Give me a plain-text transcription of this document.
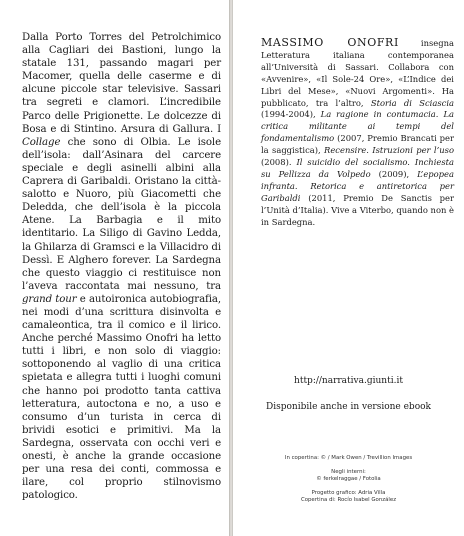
Dalla Porto Torres del Petrolchimico alla Cagliari dei Bastioni, lungo la statale 131, passando magari per Macomer, quella delle caserme e di alcune piccole star televisive. Sassari tra segreti e clamori. L’incredibile Parco delle Prigionette. Le dolcezze di Bosa e di Stintino. Arsura di Gallura. I Collage che sono di Olbia. Le isole dell’isola: dall’Asinara del carcere speciale e degli asinelli albini alla Caprera di Garibaldi. Oristano la città-salotto e Nuoro, più Giacometti che Deledda, che dell’isola è la piccola Atene. La Barbagia e il mito identitario. La Siligo di Gavino Ledda, la Ghilarza di Gramsci e la Villacidro di Dessì. E Alghero forever. La Sardegna che questo viaggio ci restituisce non l’aveva raccontata mai nessuno, tra grand tour e autoironica autobiografia, nei modi d’una scrittura disinvolta e camaleontica, tra il comico e il lirico. Anche perché Massimo Onofri ha letto tutti i libri, e non solo di viaggio: sottoponendo al vaglio di una critica spietata e allegra tutti i luoghi comuni che hanno poi prodotto tanta cattiva letteratura, autoctona e no, a uso e consumo d’un turista in cerca di brividi esotici e primitivi. Ma la Sardegna, osservata con occhi veri e onesti, è anche la grande occasione per una resa dei conti, commossa e ilare, col proprio stilnovismo patologico.

MASSIMO ONOFRI insegna Letteratura italiana contemporanea all’Università di Sassari. Collabora con «Avvenire», «Il Sole-24 Ore», «L’Indice dei Libri del Mese», «Nuovi Argomenti». Ha pubblicato, tra l’altro, Storia di Sciascia (1994-2004), La ragione in contumacia. La critica militante ai tempi del fondamentalismo (2007, Premio Brancati per la saggistica), Recensire. Istruzioni per l’uso (2008). Il suicidio del socialismo. Inchiesta su Pellizza da Volpedo (2009), L’epopea infranta. Retorica e antiretorica per Garibaldi (2011, Premio De Sanctis per l’Unità d’Italia). Vive a Viterbo, quando non è in Sardegna.

http://narrativa.giunti.it
Disponibile anche in versione ebook
In copertina: © / Mark Owen / Trevillion Images
Negli interni:
© ferkelraggae / Fotolia
Progetto grafico: Adria Villa
Copertina di: Rocío Isabel González
